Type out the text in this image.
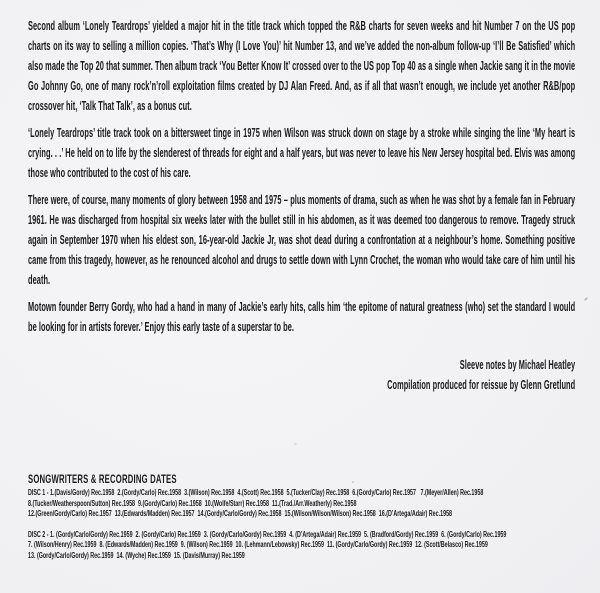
Second album ‘Lonely Teardrops’ yielded a major hit in the title track which topped the R&B charts for seven weeks and hit Number 7 on the US pop charts on its way to selling a million copies. ‘That’s Why (I Love You)’ hit Number 13, and we’ve added the non-album follow-up ‘I’ll Be Satisfied’ which also made the Top 20 that summer. Then album track ‘You Better Know It’ crossed over to the US pop Top 40 as a single when Jackie sang it in the movie Go Johnny Go, one of many rock’n’roll exploitation films created by DJ Alan Freed. And, as if all that wasn’t enough, we include yet another R&B/pop crossover hit, ‘Talk That Talk’, as a bonus cut.

‘Lonely Teardrops’ title track took on a bittersweet tinge in 1975 when Wilson was struck down on stage by a stroke while singing the line ‘My heart is crying. . .’ He held on to life by the slenderest of threads for eight and a half years, but was never to leave his New Jersey hospital bed. Elvis was among those who contributed to the cost of his care.

There were, of course, many moments of glory between 1958 and 1975 – plus moments of drama, such as when he was shot by a female fan in February 1961. He was discharged from hospital six weeks later with the bullet still in his abdomen, as it was deemed too dangerous to remove. Tragedy struck again in September 1970 when his eldest son, 16-year-old Jackie Jr, was shot dead during a confrontation at a neighbour’s home. Something positive came from this tragedy, however, as he renounced alcohol and drugs to settle down with Lynn Crochet, the woman who would take care of him until his death.

Motown founder Berry Gordy, who had a hand in many of Jackie’s early hits, calls him ‘the epitome of natural greatness (who) set the standard I would be looking for in artists forever.’ Enjoy this early taste of a superstar to be.

Sleeve notes by Michael Heatley
Compilation produced for reissue by Glenn Gretlund
SONGWRITERS & RECORDING DATES
DISC 1 - 1.(Davis/Gordy) Rec.1958  2.(Gordy/Carlo) Rec.1958  3.(Wilson) Rec.1958  4.(Scott) Rec.1958  5.(Tucker/Clay) Rec.1958  6.(Gordy/Carlo) Rec.1957   7.(Meyer/Allen) Rec.1958
8.(Tucker/Weatherspoon/Sutton) Rec.1958  9.(Gordy/Carlo) Rec.1958  10.(Wolfe/Starr) Rec.1958  11.(Trad./Arr.Weatherly) Rec.1958
12.(Green/Gordy/Carlo) Rec.1957  13.(Edwards/Madden) Rec.1957  14.(Gordy/Carlo/Gordy) Rec.1958  15.(Wilson/Wilson/Wilson) Rec.1958  16.(D’Artega/Adair) Rec.1958
DISC 2 - 1. (Gordy/Carlo/Gordy) Rec.1959  2. (Gordy/Carlo) Rec.1959  3. (Gordy/Carlo/Gordy) Rec.1959  4. (D’Artega/Adair) Rec.1959  5. (Bradford/Gordy) Rec.1959  6. (Gordy/Carlo) Rec.1959
7. (Wilson/Henry) Rec.1959  8. (Edwards/Madden) Rec.1959  9. (Wilson) Rec.1959  10. (Lehmann/Lebowsky) Rec.1959  11. (Gordy/Carlo/Gordy) Rec.1959  12. (Scott/Belasco) Rec.1959
13. (Gordy/Carlo/Gordy) Rec.1959  14. (Wyche) Rec.1959  15. (Davis/Murray) Rec.1959
